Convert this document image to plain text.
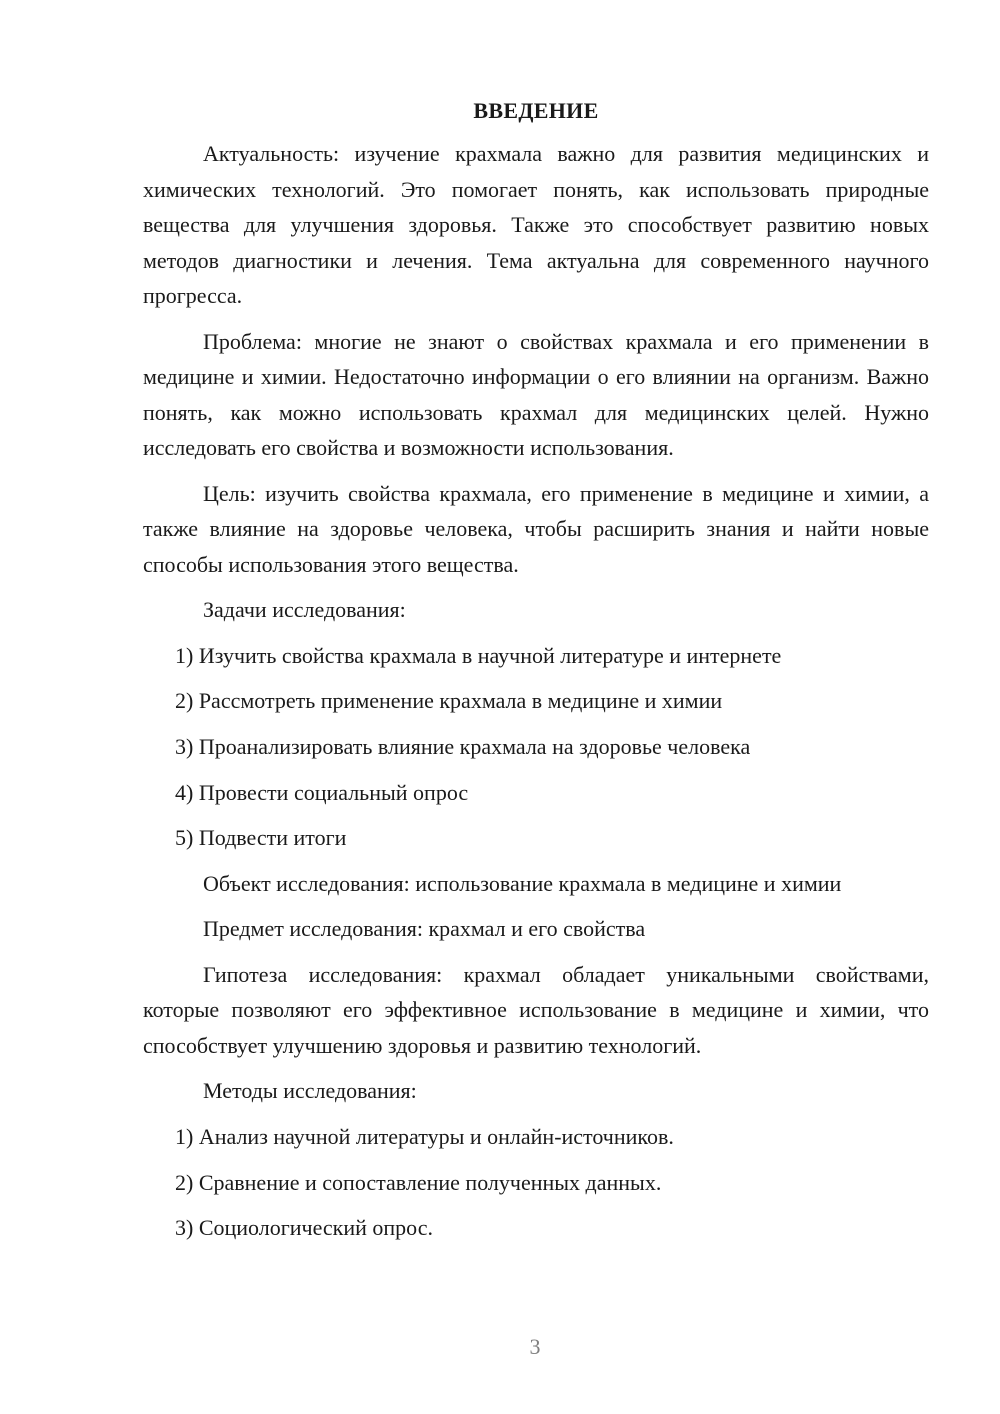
ВВЕДЕНИЕ

Актуальность: изучение крахмала важно для развития медицинских и химических технологий. Это помогает понять, как использовать природные вещества для улучшения здоровья. Также это способствует развитию новых методов диагностики и лечения. Тема актуальна для современного научного прогресса.

Проблема: многие не знают о свойствах крахмала и его применении в медицине и химии. Недостаточно информации о его влиянии на организм. Важно понять, как можно использовать крахмал для медицинских целей. Нужно исследовать его свойства и возможности использования.

Цель: изучить свойства крахмала, его применение в медицине и химии, а также влияние на здоровье человека, чтобы расширить знания и найти новые способы использования этого вещества.

Задачи исследования:
1) Изучить свойства крахмала в научной литературе и интернете
2) Рассмотреть применение крахмала в медицине и химии
3) Проанализировать влияние крахмала на здоровье человека
4) Провести социальный опрос
5) Подвести итоги
Объект исследования: использование крахмала в медицине и химии
Предмет исследования: крахмал и его свойства

Гипотеза исследования: крахмал обладает уникальными свойствами, которые позволяют его эффективное использование в медицине и химии, что способствует улучшению здоровья и развитию технологий.

Методы исследования:
1) Анализ научной литературы и онлайн-источников.
2) Сравнение и сопоставление полученных данных.
3) Социологический опрос.
3
